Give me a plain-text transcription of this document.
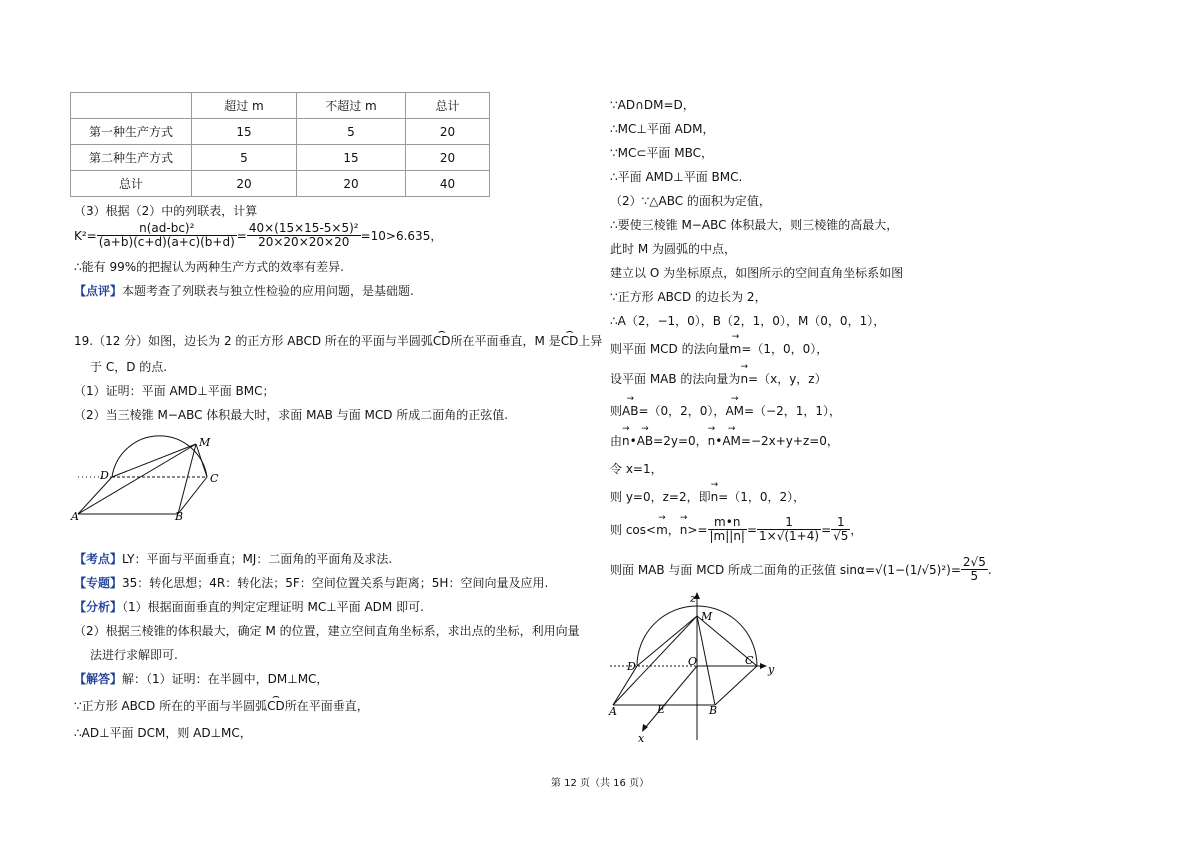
	超过 m	不超过 m	总计
第一种生产方式	15	5	20
第二种生产方式	5	15	20
总计	20	20	40
（3）根据（2）中的列联表，计算
$K^2= \frac{\text{n(ad-bc)²}}{(a+b)(c+d)(a+c)(b+d)} = \frac{\text{40×(15×15-5×5)²}}{20\times 20\times 20\times 20} =10>6.635$，
∴能有 99%的把握认为两种生产方式的效率有差异.
【点评】本题考查了列联表与独立性检验的应用问题，是基础题.
19.（12 分）如图，边长为 2 的正方形 ABCD 所在的平面与半圆弧⌢ CD所在平面垂直，M 是⌢ CD上异
于 C，D 的点.
（1）证明：平面 AMD⊥平面 BMC；
（2）当三棱锥 M−ABC 体积最大时，求面 MAB 与面 MCD 所成二面角的正弦值.
M
D	C
A	B
【考点】LY：平面与平面垂直；MJ：二面角的平面角及求法.
【专题】35：转化思想；4R：转化法；5F：空间位置关系与距离；5H：空间向量及应用.
【分析】（1）根据面面垂直的判定定理证明 MC⊥平面 ADM 即可.
（2）根据三棱锥的体积最大，确定 M 的位置，建立空间直角坐标系，求出点的坐标，利用向量
法进行求解即可.
【解答】解：（1）证明：在半圆中，DM⊥MC，
∵正方形 ABCD 所在的平面与半圆弧⌢ CD所在平面垂直，
∴AD⊥平面 DCM，则 AD⊥MC，
∵AD∩DM=D，
∴MC⊥平面 ADM，
∵MC⊂平面 MBC，
∴平面 AMD⊥平面 BMC.
（2）∵△ABC 的面积为定值，
∴要使三棱锥 M−ABC 体积最大，则三棱锥的高最大，
此时 M 为圆弧的中点，
建立以 O 为坐标原点，如图所示的空间直角坐标系如图
∵正方形 ABCD 的边长为 2，
∴A（2，−1，0），B（2，1，0），M（0，0，1），
则平面 MCD 的法向量→ m=（1，0，0），
设平面 MAB 的法向量为→ n=（x，y，z）
则→ AB=（0，2，0），→ AM=（−2，1，1），
由→ n•→ AB=2y=0，→ n•→ AM=−2x+y+z=0，
令 x=1，
则 y=0，z=2，即→ n=（1，0，2），
则 cos< → m ， → $n >= \frac{m•n}{|m||n|} = \frac{1}{1\times√(1+4)} = \frac{1}{√5}$ ，
则面 MAB 与面 MCD 所成二面角的正弦值 $\sin\alpha= √(1-(1/√5)^2) = \frac{2√5}{5}$ .
z
M
D	O	C
y
A	E	B
x
第 12 页（共 16 页）
